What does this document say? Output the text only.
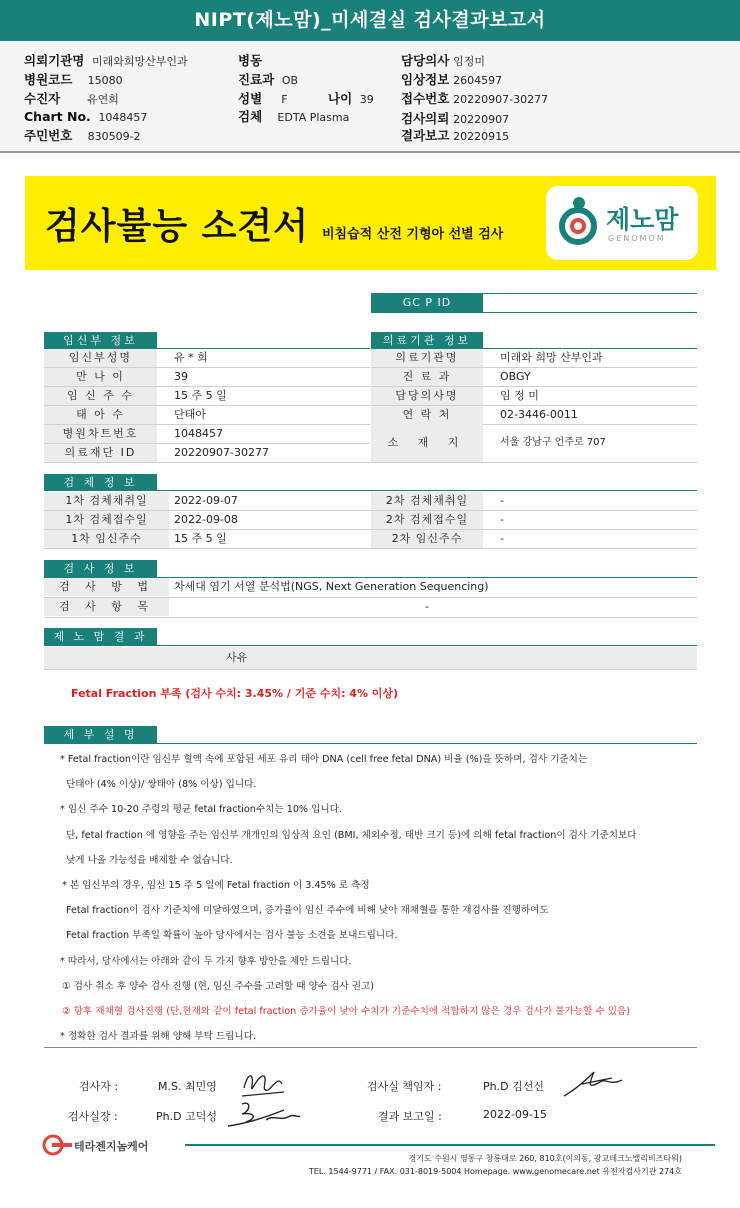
NIPT(제노맘)_미세결실 검사결과보고서
의뢰기관명 미래와희망산부인과
병원코드 15080
수진자 유연희
Chart No. 1048457
주민번호 830509-2
병동
진료과 OB
성별 F	나이 39
검체 EDTA Plasma
담당의사 임정미
임상정보 2604597
접수번호 20220907-30277
검사의뢰 20220907
결과보고 20220915
검사불능 소견서 비침습적 산전 기형아 선별 검사
제노맘
GENOMOM
GC P ID
임신부 정보
임신부성명	유 * 희
만 나 이	39
임 신 주 수	15 주 5 일
태 아 수	단태아
병원차트번호	1048457
의료재단 ID	20220907-30277
의료기관 정보
의료기관명	미래와 희망 산부인과
진 료 과	OBGY
담당의사명	임 정 미
연 락 처	02-3446-0011
소 재 지	서울 강남구 언주로 707
검 체 정 보
1차 검체채취일	2022-09-07	2차 검체채취일	-
1차 검체접수일	2022-09-08	2차 검체접수일	-
1차 임신주수	15 주 5 일	2차 임신주수	-
검 사 정 보
검 사 방 법	차세대 염기 서열 분석법(NGS, Next Generation Sequencing)
검 사 항 목	-
제 노 맘 결 과
사유
Fetal Fraction 부족 (검사 수치: 3.45% / 기준 수치: 4% 이상)
세 부 설 명
* Fetal fraction이란 임신부 혈액 속에 포함된 세포 유리 태아 DNA (cell free fetal DNA) 비율 (%)을 뜻하며, 검사 기준치는
단태아 (4% 이상)/ 쌍태아 (8% 이상) 입니다.
* 임신 주수 10-20 주령의 평균 fetal fraction수치는 10% 입니다.
단, fetal fraction 에 영향을 주는 임신부 개개인의 임상적 요인 (BMI, 체외수정, 태반 크기 등)에 의해 fetal fraction이 검사 기준치보다
낮게 나올 가능성을 배제할 수 없습니다.
* 본 임신부의 경우, 임신 15 주 5 일에 Fetal fraction 이 3.45% 로 측정
Fetal fraction이 검사 기준치에 미달하였으며, 증가율이 임신 주수에 비해 낮아 재채혈을 통한 재검사를 진행하여도
Fetal fraction 부족일 확률이 높아 당사에서는 검사 불능 소견을 보내드립니다.
* 따라서, 당사에서는 아래와 같이 두 가지 향후 방안을 제안 드립니다.
① 검사 취소 후 양수 검사 진행 (현, 임신 주수를 고려할 때 양수 검사 권고)
② 향후 재채혈 검사진행 (단,현재와 같이 fetal fraction 증가율이 낮아 수치가 기준수치에 적합하지 않은 경우 검사가 불가능할 수 있음)
* 정확한 검사 결과를 위해 양해 부탁 드립니다.
검사자 :	M.S. 최민영	검사실 책임자 :	Ph.D 김선신
검사실장 :	Ph.D 고덕성	결과 보고일 :	2022-09-15
테라젠지놈케어
경기도 수원시 영통구 창룡대로 260, 810호(이의동, 광교테크노밸리비즈타워)
TEL. 1544-9771 / FAX. 031-8019-5004 Homepage. www.genomecare.net 유전자검사기관 274호
